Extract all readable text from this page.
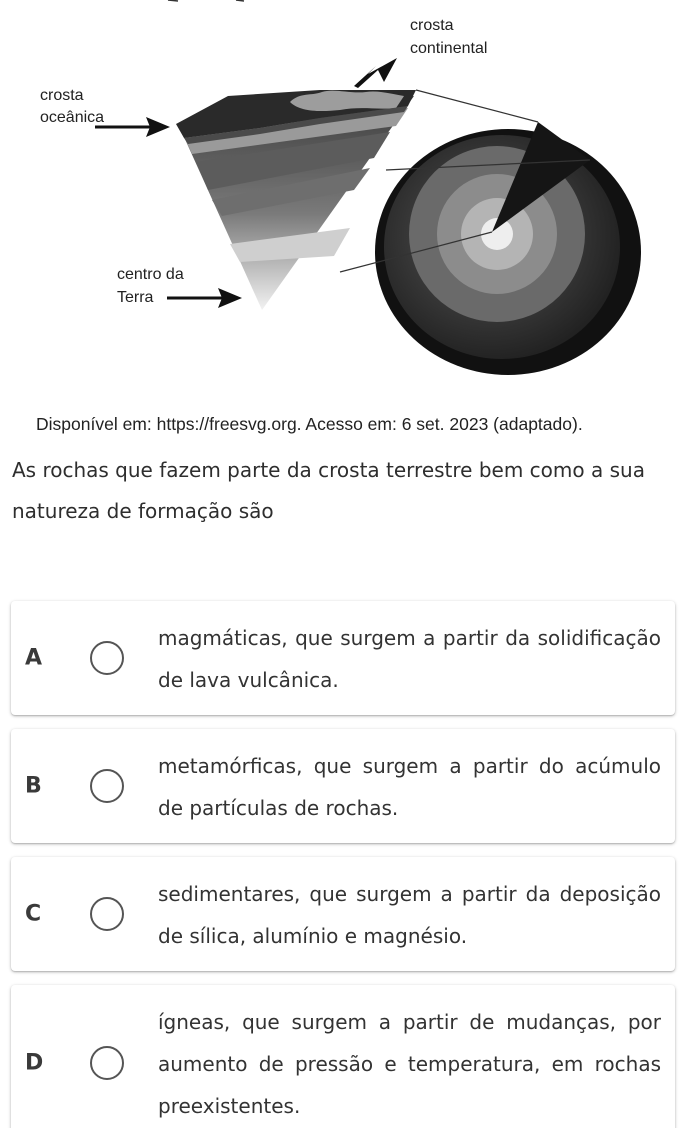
crosta
continental
crosta
oceânica
centro da
Terra
Disponível em: https://freesvg.org. Acesso em: 6 set. 2023 (adaptado).
As rochas que fazem parte da crosta terrestre bem como a sua natureza de formação são
A
magmáticas, que surgem a partir da solidificação de lava vulcânica.
B
metamórficas, que surgem a partir do acúmulo de partículas de rochas.
C
sedimentares, que surgem a partir da deposição de sílica, alumínio e magnésio.
D
ígneas, que surgem a partir de mudanças, por aumento de pressão e temperatura, em rochas preexistentes.
